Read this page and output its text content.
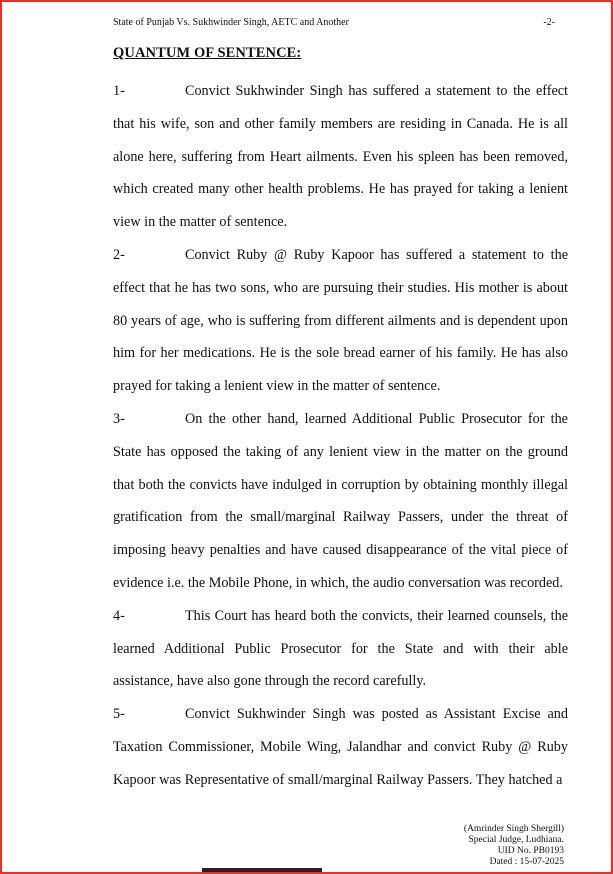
State of Punjab Vs. Sukhwinder Singh, AETC and Another	-2-
QUANTUM OF SENTENCE:

1-	Convict Sukhwinder Singh has suffered a statement to the effect that his wife, son and other family members are residing in Canada. He is all alone here, suffering from Heart ailments. Even his spleen has been removed, which created many other health problems. He has prayed for taking a lenient view in the matter of sentence.

2-	Convict Ruby @ Ruby Kapoor has suffered a statement to the effect that he has two sons, who are pursuing their studies. His mother is about 80 years of age, who is suffering from different ailments and is dependent upon him for her medications. He is the sole bread earner of his family. He has also prayed for taking a lenient view in the matter of sentence.

3-	On the other hand, learned Additional Public Prosecutor for the State has opposed the taking of any lenient view in the matter on the ground that both the convicts have indulged in corruption by obtaining monthly illegal gratification from the small/marginal Railway Passers, under the threat of imposing heavy penalties and have caused disappearance of the vital piece of evidence i.e. the Mobile Phone, in which, the audio conversation was recorded.

4-	This Court has heard both the convicts, their learned counsels, the learned Additional Public Prosecutor for the State and with their able assistance, have also gone through the record carefully.

5-	Convict Sukhwinder Singh was posted as Assistant Excise and Taxation Commissioner, Mobile Wing, Jalandhar and convict Ruby @ Ruby Kapoor was Representative of small/marginal Railway Passers. They hatched a

(Amrinder Singh Shergill)
Special Judge, Ludhiana.
UID No. PB0193
Dated : 15-07-2025
